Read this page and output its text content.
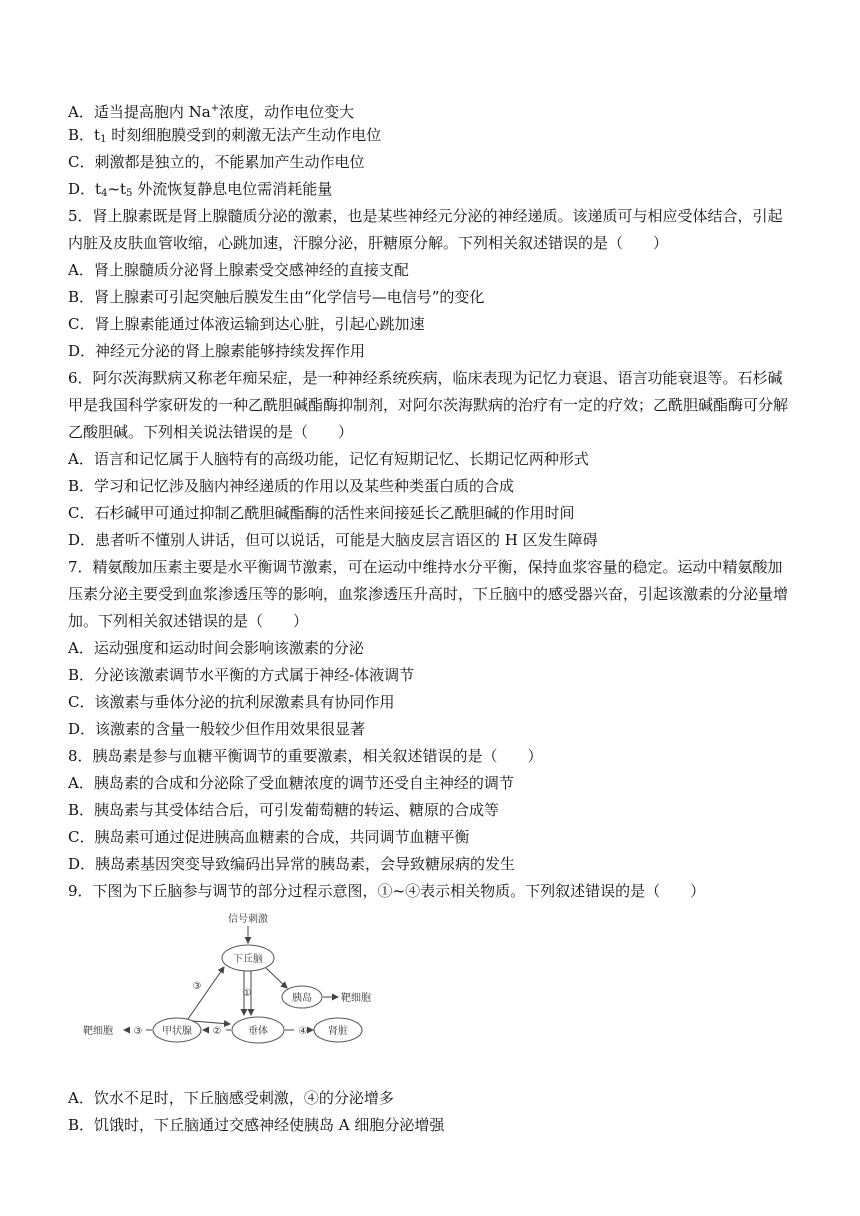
A．适当提高胞内 Na+浓度，动作电位变大
B．$t_1$ 时刻细胞膜受到的刺激无法产生动作电位
C．刺激都是独立的，不能累加产生动作电位
D．$t_4\sim t_5$ 外流恢复静息电位需消耗能量
5．肾上腺素既是肾上腺髓质分泌的激素，也是某些神经元分泌的神经递质。该递质可与相应受体结合，引起
内脏及皮肤血管收缩，心跳加速，汗腺分泌，肝糖原分解。下列相关叙述错误的是（　　）
A．肾上腺髓质分泌肾上腺素受交感神经的直接支配
B．肾上腺素可引起突触后膜发生由“化学信号—电信号”的变化
C．肾上腺素能通过体液运输到达心脏，引起心跳加速
D．神经元分泌的肾上腺素能够持续发挥作用
6．阿尔茨海默病又称老年痴呆症，是一种神经系统疾病，临床表现为记忆力衰退、语言功能衰退等。石杉碱
甲是我国科学家研发的一种乙酰胆碱酯酶抑制剂，对阿尔茨海默病的治疗有一定的疗效；乙酰胆碱酯酶可分解
乙酸胆碱。下列相关说法错误的是（　　）
A．语言和记忆属于人脑特有的高级功能，记忆有短期记忆、长期记忆两种形式
B．学习和记忆涉及脑内神经递质的作用以及某些种类蛋白质的合成
C．石杉碱甲可通过抑制乙酰胆碱酯酶的活性来间接延长乙酰胆碱的作用时间
D．患者听不懂别人讲话，但可以说话，可能是大脑皮层言语区的 H 区发生障碍
7．精氨酸加压素主要是水平衡调节激素，可在运动中维持水分平衡，保持血浆容量的稳定。运动中精氨酸加
压素分泌主要受到血浆渗透压等的影响，血浆渗透压升高时，下丘脑中的感受器兴奋，引起该激素的分泌量增
加。下列相关叙述错误的是（　　）
A．运动强度和运动时间会影响该激素的分泌
B．分泌该激素调节水平衡的方式属于神经-体液调节
C．该激素与垂体分泌的抗利尿激素具有协同作用
D．该激素的含量一般较少但作用效果很显著
8．胰岛素是参与血糖平衡调节的重要激素，相关叙述错误的是（　　）
A．胰岛素的合成和分泌除了受血糖浓度的调节还受自主神经的调节
B．胰岛素与其受体结合后，可引发葡萄糖的转运、糖原的合成等
C．胰岛素可通过促进胰高血糖素的合成，共同调节血糖平衡
D．胰岛素基因突变导致编码出异常的胰岛素，会导致糖尿病的发生
9．下图为下丘脑参与调节的部分过程示意图，①~④表示相关物质。下列叙述错误的是（　　）
信号刺激
下丘脑
胰岛	靶细胞
垂体
①
肾脏
④
甲状腺 ②
③
靶细胞
③
A．饮水不足时，下丘脑感受刺激，④的分泌增多
B．饥饿时，下丘脑通过交感神经使胰岛 A 细胞分泌增强
